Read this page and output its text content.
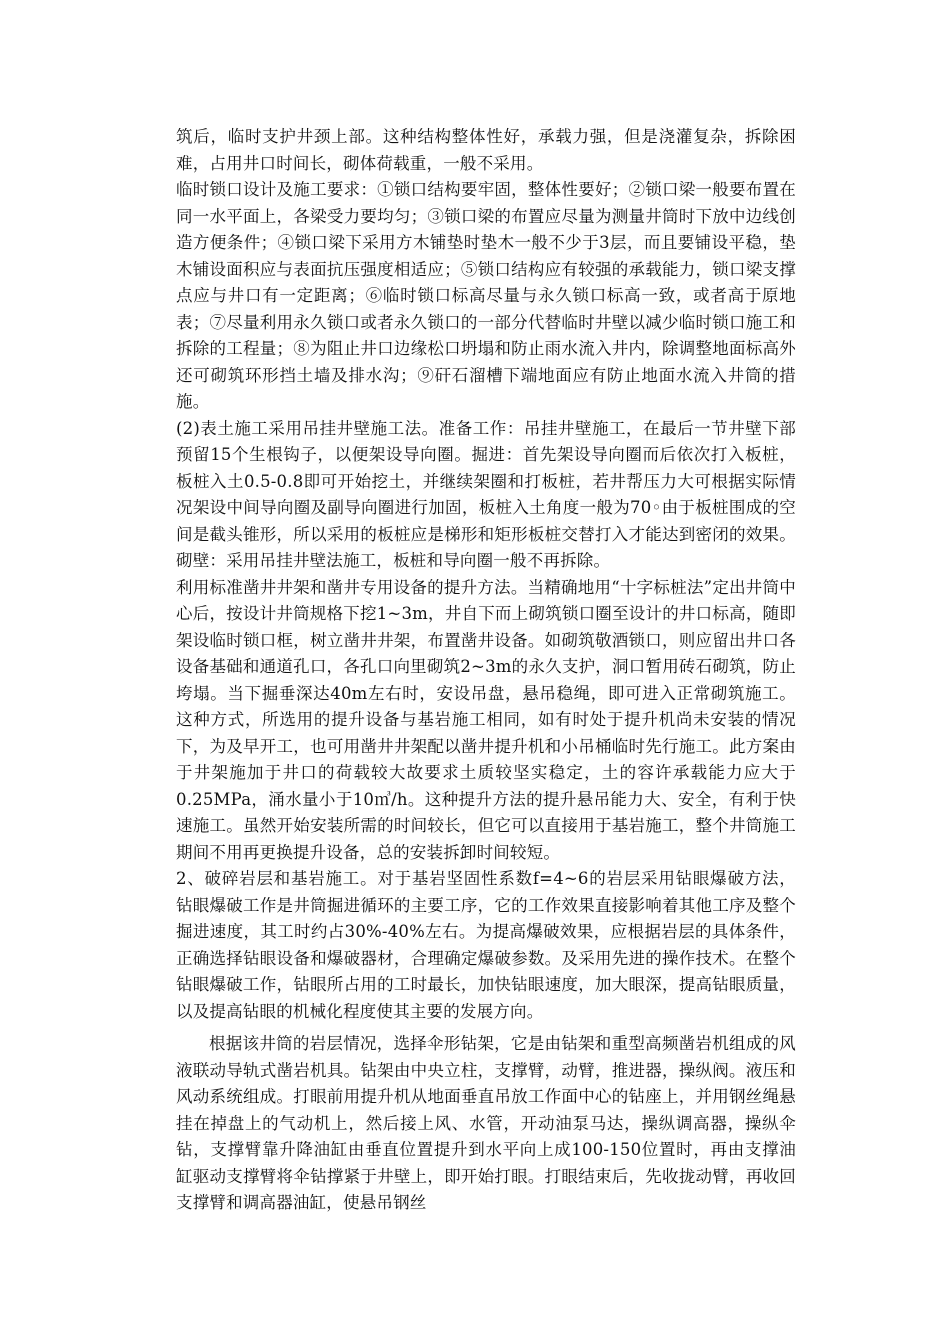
筑后，临时支护井颈上部。这种结构整体性好，承载力强，但是浇灌复杂，拆除困难，占用井口时间长，砌体荷载重，一般不采用。

临时锁口设计及施工要求：①锁口结构要牢固，整体性要好；②锁口梁一般要布置在同一水平面上，各梁受力要均匀；③锁口梁的布置应尽量为测量井筒时下放中边线创造方便条件；④锁口梁下采用方木铺垫时垫木一般不少于3层，而且要铺设平稳，垫木铺设面积应与表面抗压强度相适应；⑤锁口结构应有较强的承载能力，锁口梁支撑点应与井口有一定距离；⑥临时锁口标高尽量与永久锁口标高一致，或者高于原地表；⑦尽量利用永久锁口或者永久锁口的一部分代替临时井壁以减少临时锁口施工和拆除的工程量；⑧为阻止井口边缘松口坍塌和防止雨水流入井内，除调整地面标高外还可砌筑环形挡土墙及排水沟；⑨矸石溜槽下端地面应有防止地面水流入井筒的措施。

(2)表土施工采用吊挂井壁施工法。准备工作：吊挂井壁施工，在最后一节井壁下部预留15个生根钩子，以便架设导向圈。掘进：首先架设导向圈而后依次打入板桩，板桩入土0.5-0.8即可开始挖土，并继续架圈和打板桩，若井帮压力大可根据实际情况架设中间导向圈及副导向圈进行加固，板桩入土角度一般为70◦由于板桩围成的空间是截头锥形，所以采用的板桩应是梯形和矩形板桩交替打入才能达到密闭的效果。砌壁：采用吊挂井壁法施工，板桩和导向圈一般不再拆除。

利用标准凿井井架和凿井专用设备的提升方法。当精确地用“十字标桩法”定出井筒中心后，按设计井筒规格下挖1~3m，井自下而上砌筑锁口圈至设计的井口标高，随即架设临时锁口框，树立凿井井架，布置凿井设备。如砌筑敬酒锁口，则应留出井口各设备基础和通道孔口，各孔口向里砌筑2~3m的永久支护，洞口暂用砖石砌筑，防止垮塌。当下掘垂深达40m左右时，安设吊盘，悬吊稳绳，即可进入正常砌筑施工。这种方式，所选用的提升设备与基岩施工相同，如有时处于提升机尚未安装的情况下，为及早开工，也可用凿井井架配以凿井提升机和小吊桶临时先行施工。此方案由于井架施加于井口的荷载较大故要求土质较坚实稳定，土的容许承载能力应大于0.25MPa，涌水量小于10㎥/h。这种提升方法的提升悬吊能力大、安全，有利于快速施工。虽然开始安装所需的时间较长，但它可以直接用于基岩施工，整个井筒施工期间不用再更换提升设备，总的安装拆卸时间较短。

2、破碎岩层和基岩施工。对于基岩坚固性系数f=4~6的岩层采用钻眼爆破方法， 钻眼爆破工作是井筒掘进循环的主要工序，它的工作效果直接影响着其他工序及整个掘进速度，其工时约占30%-40%左右。为提高爆破效果，应根据岩层的具体条件，正确选择钻眼设备和爆破器材，合理确定爆破参数。及采用先进的操作技术。在整个钻眼爆破工作，钻眼所占用的工时最长，加快钻眼速度，加大眼深，提高钻眼质量，以及提高钻眼的机械化程度使其主要的发展方向。

根据该井筒的岩层情况，选择伞形钻架，它是由钻架和重型高频凿岩机组成的风液联动导轨式凿岩机具。钻架由中央立柱，支撑臂，动臂，推进器，操纵阀。液压和风动系统组成。打眼前用提升机从地面垂直吊放工作面中心的钻座上，并用钢丝绳悬挂在掉盘上的气动机上，然后接上风、水管，开动油泵马达，操纵调高器，操纵伞钻，支撑臂靠升降油缸由垂直位置提升到水平向上成100-150位置时，再由支撑油缸驱动支撑臂将伞钻撑紧于井壁上，即开始打眼。打眼结束后，先收拢动臂，再收回支撑臂和调高器油缸，使悬吊钢丝
